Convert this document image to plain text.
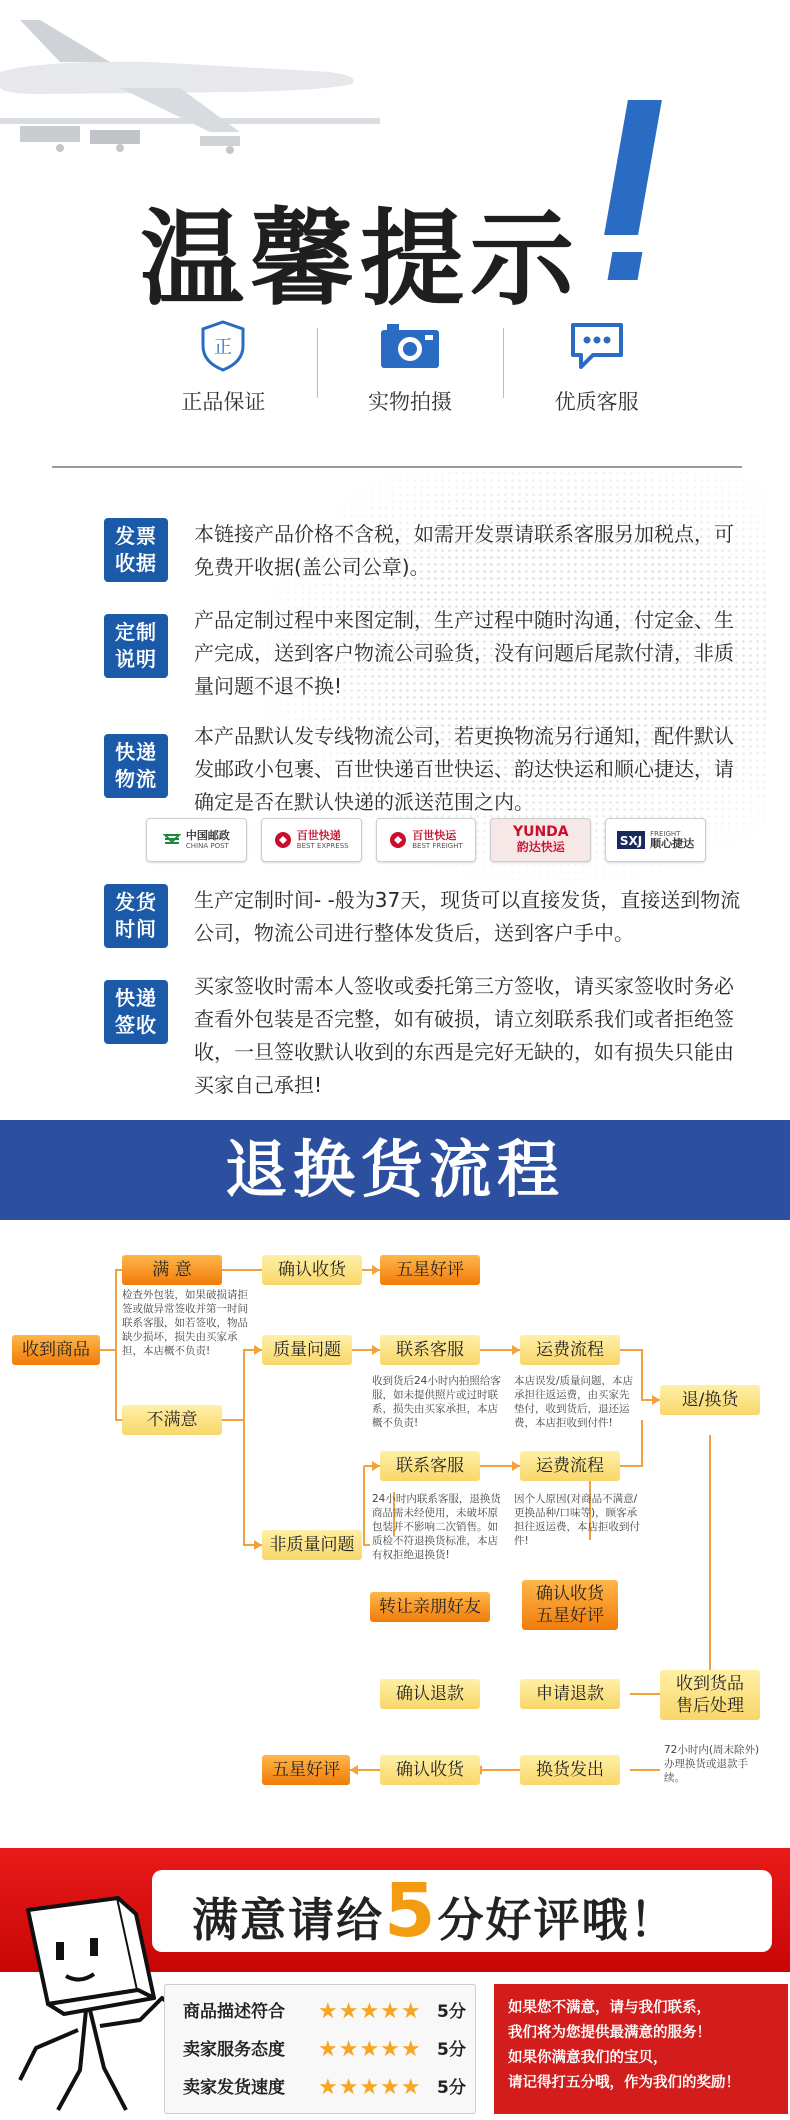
温馨提示
正
正品保证	实物拍摄	优质客服
发票
收据
本链接产品价格不含税，如需开发票请联系客服另加税点，可免费开收据(盖公司公章)。
定制
说明
产品定制过程中来图定制，生产过程中随时沟通，付定金、生产完成，送到客户物流公司验货，没有问题后尾款付清，非质量问题不退不换!
快递
物流
本产品默认发专线物流公司，若更换物流另行通知，配件默认发邮政小包裹、百世快递百世快运、韵达快运和顺心捷达，请确定是否在默认快递的派送范围之内。
中国邮政
CHINA POST
百世快递
BEST EXPRESS
百世快运
BEST FREIGHT
YUNDA
韵达快运	SXJ FREIGHT
顺心捷达
发货
时间
生产定制时间- -般为37天，现货可以直接发货，直接送到物流公司，物流公司进行整体发货后，送到客户手中。
快递
签收
买家签收时需本人签收或委托第三方签收，请买家签收时务必查看外包装是否完整，如有破损，请立刻联系我们或者拒绝签收，一旦签收默认收到的东西是完好无缺的，如有损失只能由买家自己承担!
退换货流程
收到商品
满 意	确认收货	五星好评
检查外包装，如果破损请拒签或做异常签收并第一时间联系客服，如若签收，物品缺少损坏，损失由买家承担，本店概不负责!
不满意
质量问题	联系客服	运费流程
收到货后24小时内拍照给客服，如未提供照片或过时联系，损失由买家承担，本店概不负责!
本店误发/质量问题，本店承担往返运费，由买家先垫付，收到货后，退还运费，本店拒收到付件!
退/换货
联系客服	运费流程
非质量问题
24小时内联系客服，退换货商品需未经使用，未破坏原包装并不影响二次销售。如质检不符退换货标准，本店有权拒绝退换货!
因个人原因(对商品不满意/更换品种/口味等)，顾客承担往返运费，本店拒收到付件!
转让亲朋好友
确认收货
五星好评
确认退款	申请退款	收到货品
售后处理
72小时内(周末除外)办理换货或退款手续。
五星好评	确认收货	换货发出
满意请给5分好评哦！
商品描述符合 ★★★★★ 5分
卖家服务态度 ★★★★★ 5分
卖家发货速度 ★★★★★ 5分
如果您不满意，请与我们联系，
我们将为您提供最满意的服务！
如果你满意我们的宝贝，
请记得打五分哦，作为我们的奖励！
